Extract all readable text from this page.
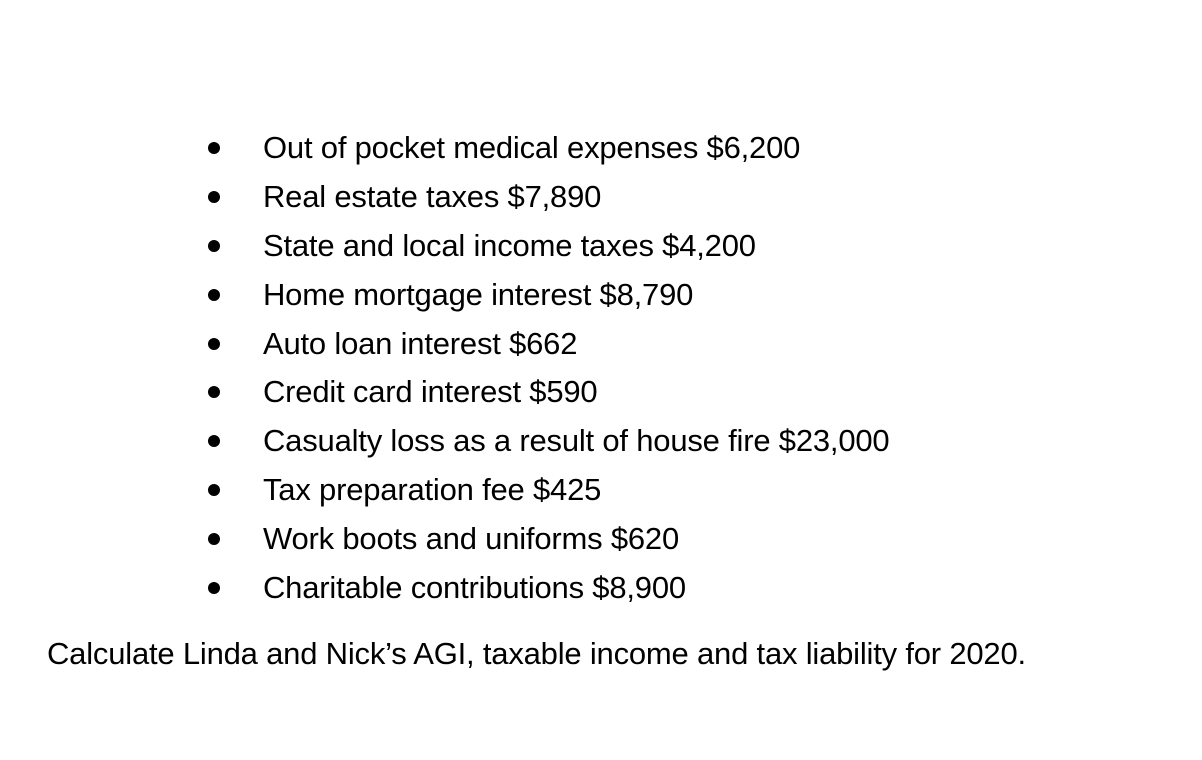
Out of pocket medical expenses $6,200
Real estate taxes $7,890
State and local income taxes $4,200
Home mortgage interest $8,790
Auto loan interest $662
Credit card interest $590
Casualty loss as a result of house fire $23,000
Tax preparation fee $425
Work boots and uniforms $620
Charitable contributions $8,900

Calculate Linda and Nick’s AGI, taxable income and tax liability for 2020.
